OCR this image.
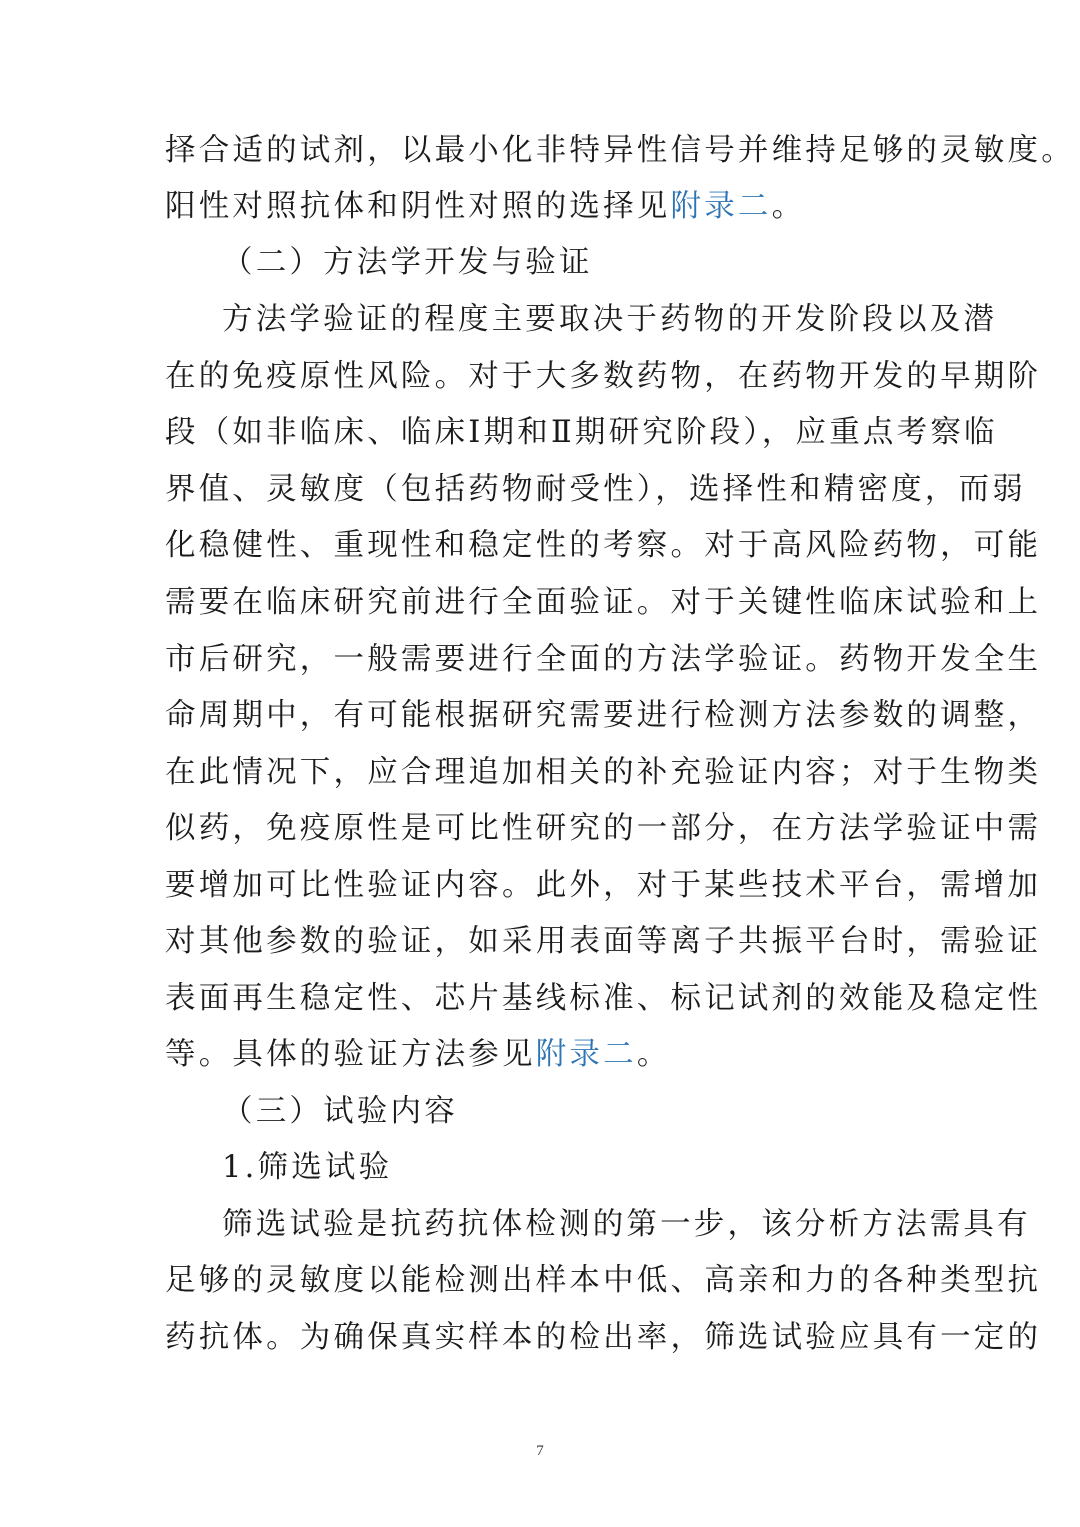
择合适的试剂，以最小化非特异性信号并维持足够的灵敏度。
阳性对照抗体和阴性对照的选择见附录二。
（二）方法学开发与验证
方法学验证的程度主要取决于药物的开发阶段以及潜
在的免疫原性风险。对于大多数药物，在药物开发的早期阶
段（如非临床、临床Ⅰ期和Ⅱ期研究阶段），应重点考察临
界值、灵敏度（包括药物耐受性），选择性和精密度，而弱
化稳健性、重现性和稳定性的考察。对于高风险药物，可能
需要在临床研究前进行全面验证。对于关键性临床试验和上
市后研究，一般需要进行全面的方法学验证。药物开发全生
命周期中，有可能根据研究需要进行检测方法参数的调整，
在此情况下，应合理追加相关的补充验证内容；对于生物类
似药，免疫原性是可比性研究的一部分，在方法学验证中需
要增加可比性验证内容。此外，对于某些技术平台，需增加
对其他参数的验证，如采用表面等离子共振平台时，需验证
表面再生稳定性、芯片基线标准、标记试剂的效能及稳定性
等。具体的验证方法参见附录二。
（三）试验内容
1.筛选试验
筛选试验是抗药抗体检测的第一步，该分析方法需具有
足够的灵敏度以能检测出样本中低、高亲和力的各种类型抗
药抗体。为确保真实样本的检出率，筛选试验应具有一定的
7
